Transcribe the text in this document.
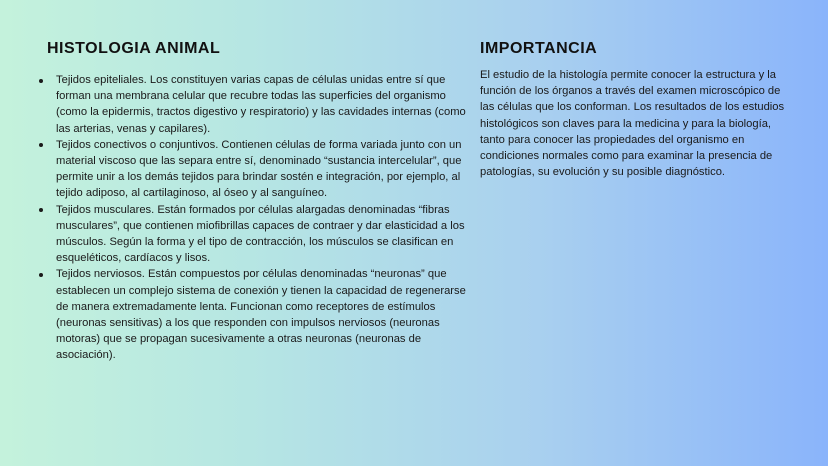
HISTOLOGIA ANIMAL
Tejidos epiteliales. Los constituyen varias capas de células unidas entre sí que forman una membrana celular que recubre todas las superficies del organismo (como la epidermis, tractos digestivo y respiratorio) y las cavidades internas (como las arterias, venas y capilares).
Tejidos conectivos o conjuntivos. Contienen células de forma variada junto con un material viscoso que las separa entre sí, denominado “sustancia intercelular”, que permite unir a los demás tejidos para brindar sostén e integración, por ejemplo, al tejido adiposo, al cartilaginoso, al óseo y al sanguíneo.
Tejidos musculares. Están formados por células alargadas denominadas “fibras musculares”, que contienen miofibrillas capaces de contraer y dar elasticidad a los músculos. Según la forma y el tipo de contracción, los músculos se clasifican en esqueléticos, cardíacos y lisos.
Tejidos nerviosos. Están compuestos por células denominadas “neuronas” que establecen un complejo sistema de conexión y tienen la capacidad de regenerarse de manera extremadamente lenta. Funcionan como receptores de estímulos (neuronas sensitivas) a los que responden con impulsos nerviosos (neuronas motoras) que se propagan sucesivamente a otras neuronas (neuronas de asociación).
IMPORTANCIA

El estudio de la histología permite conocer la estructura y la función de los órganos a través del examen microscópico de las células que los conforman. Los resultados de los estudios histológicos son claves para la medicina y para la biología, tanto para conocer las propiedades del organismo en condiciones normales como para examinar la presencia de patologías, su evolución y su posible diagnóstico.
